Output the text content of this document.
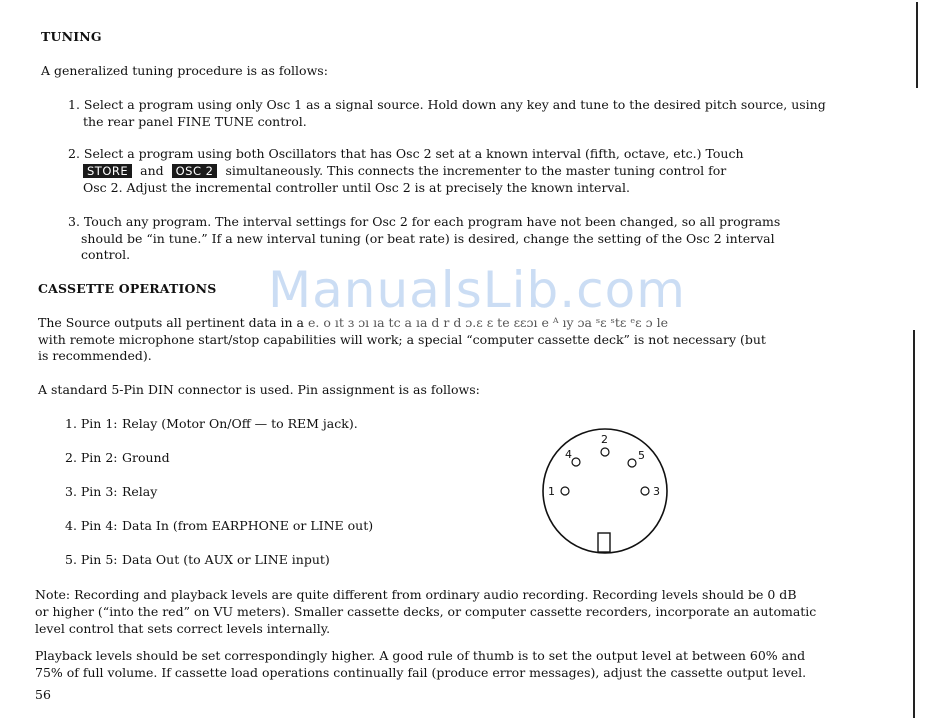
TUNING
A generalized tuning procedure is as follows:
1. Select a program using only Osc 1 as a signal source. Hold down any key and tune to the desired pitch source, using
the rear panel FINE TUNE control.
2. Select a program using both Oscillators that has Osc 2 set at a known interval (fifth, octave, etc.) Touch
STORE and OSC 2 simultaneously. This connects the incrementer to the master tuning control for
Osc 2. Adjust the incremental controller until Osc 2 is at precisely the known interval.
3. Touch any program. The interval settings for Osc 2 for each program have not been changed, so all programs
should be “in tune.” If a new interval tuning (or beat rate) is desired, change the setting of the Osc 2 interval
control.
CASSETTE OPERATIONS
The Source outputs all pertinent data in a e. o ıt ɜ ɔı ıa tc a ıa d r d ɔ.ɛ ɛ te ɛɛɔı e ᴬ ıy ɔa ˢɛ ˢtɛ ᵉɛ ɔ le
with remote microphone start/stop capabilities will work; a special “computer cassette deck” is not necessary (but
is recommended).
A standard 5-Pin DIN connector is used. Pin assignment is as follows:
1. Pin 1: Relay (Motor On/Off — to REM jack).
2. Pin 2: Ground
3. Pin 3: Relay
4. Pin 4: Data In (from EARPHONE or LINE out)
5. Pin 5: Data Out (to AUX or LINE input)
1
2
3
4	5
Note: Recording and playback levels are quite different from ordinary audio recording. Recording levels should be 0 dB
or higher (“into the red” on VU meters). Smaller cassette decks, or computer cassette recorders, incorporate an automatic
level control that sets correct levels internally.
Playback levels should be set correspondingly higher. A good rule of thumb is to set the output level at between 60% and
75% of full volume. If cassette load operations continually fail (produce error messages), adjust the cassette output level.
56
ManualsLib.com
